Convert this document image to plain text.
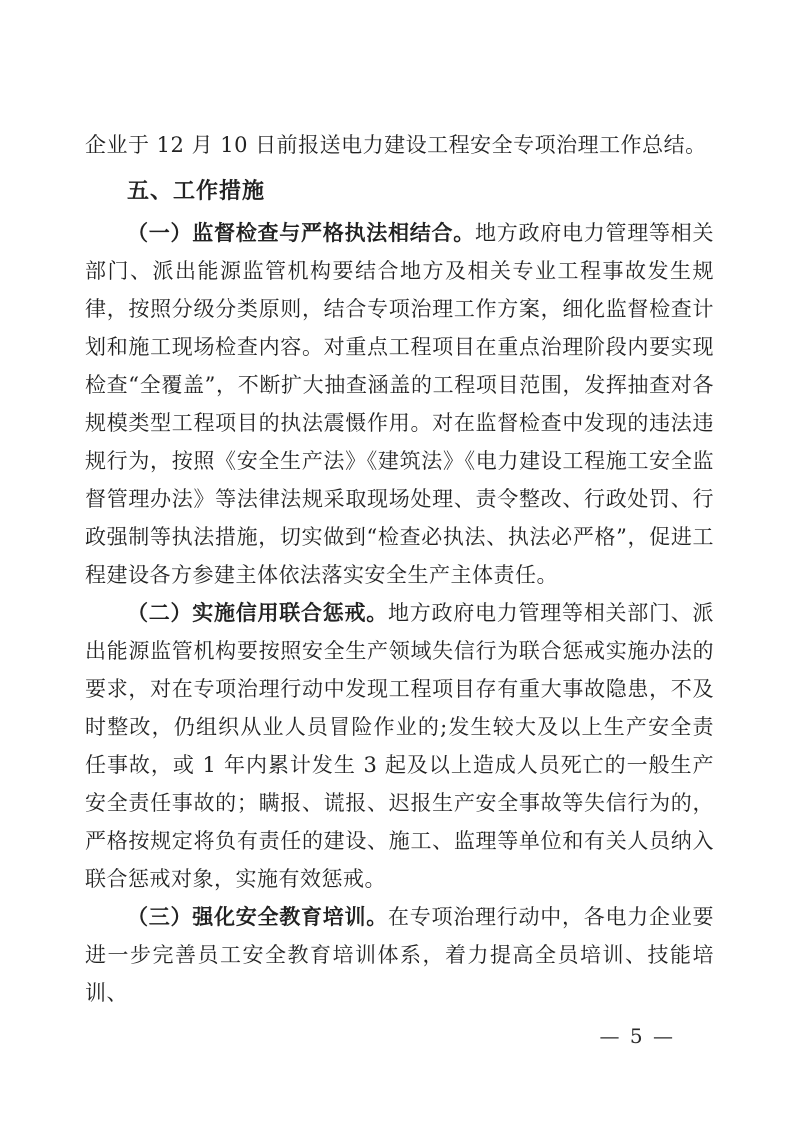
企业于 12 月 10 日前报送电力建设工程安全专项治理工作总结。

五、工作措施

（一）监督检查与严格执法相结合。地方政府电力管理等相关部门、派出能源监管机构要结合地方及相关专业工程事故发生规律，按照分级分类原则，结合专项治理工作方案，细化监督检查计划和施工现场检查内容。对重点工程项目在重点治理阶段内要实现检查“全覆盖”，不断扩大抽查涵盖的工程项目范围，发挥抽查对各规模类型工程项目的执法震慑作用。对在监督检查中发现的违法违规行为，按照《安全生产法》《建筑法》《电力建设工程施工安全监督管理办法》等法律法规采取现场处理、责令整改、行政处罚、行政强制等执法措施，切实做到“检查必执法、执法必严格”，促进工程建设各方参建主体依法落实安全生产主体责任。

（二）实施信用联合惩戒。地方政府电力管理等相关部门、派出能源监管机构要按照安全生产领域失信行为联合惩戒实施办法的要求，对在专项治理行动中发现工程项目存有重大事故隐患，不及时整改，仍组织从业人员冒险作业的;发生较大及以上生产安全责任事故，或 1 年内累计发生 3 起及以上造成人员死亡的一般生产安全责任事故的；瞒报、谎报、迟报生产安全事故等失信行为的，严格按规定将负有责任的建设、施工、监理等单位和有关人员纳入联合惩戒对象，实施有效惩戒。

（三）强化安全教育培训。在专项治理行动中，各电力企业要进一步完善员工安全教育培训体系，着力提高全员培训、技能培训、

— 5 —
